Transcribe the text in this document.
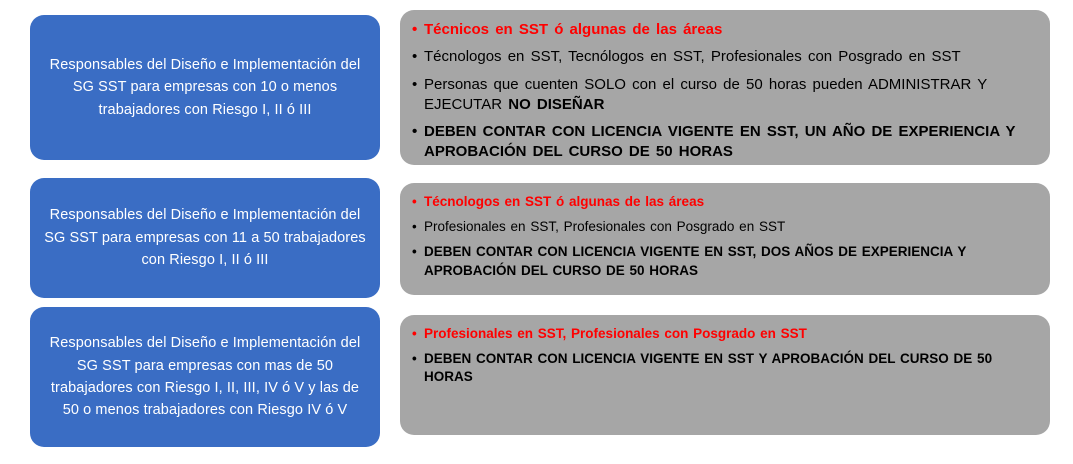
Responsables del Diseño e Implementación del SG SST para empresas con 10 o menos trabajadores con Riesgo I, II ó III
• Técnicos en SST ó algunas de las áreas
• Técnologos en SST, Tecnólogos en SST, Profesionales con Posgrado en SST
• Personas que cuenten SOLO con el curso de 50 horas pueden ADMINISTRAR Y EJECUTAR NO DISEÑAR
• DEBEN CONTAR CON LICENCIA VIGENTE EN SST, UN AÑO DE EXPERIENCIA Y APROBACIÓN DEL CURSO DE 50 HORAS
Responsables del Diseño e Implementación del SG SST para empresas con 11 a 50 trabajadores con Riesgo I, II ó III
• Técnologos en SST ó algunas de las áreas
• Profesionales en SST, Profesionales con Posgrado en SST
• DEBEN CONTAR CON LICENCIA VIGENTE EN SST, DOS AÑOS DE EXPERIENCIA Y APROBACIÓN DEL CURSO DE 50 HORAS
Responsables del Diseño e Implementación del SG SST para empresas con mas de 50 trabajadores con Riesgo I, II, III, IV ó V y las de 50 o menos trabajadores con Riesgo IV ó V
• Profesionales en SST, Profesionales con Posgrado en SST
• DEBEN CONTAR CON LICENCIA VIGENTE EN SST Y APROBACIÓN DEL CURSO DE 50 HORAS
